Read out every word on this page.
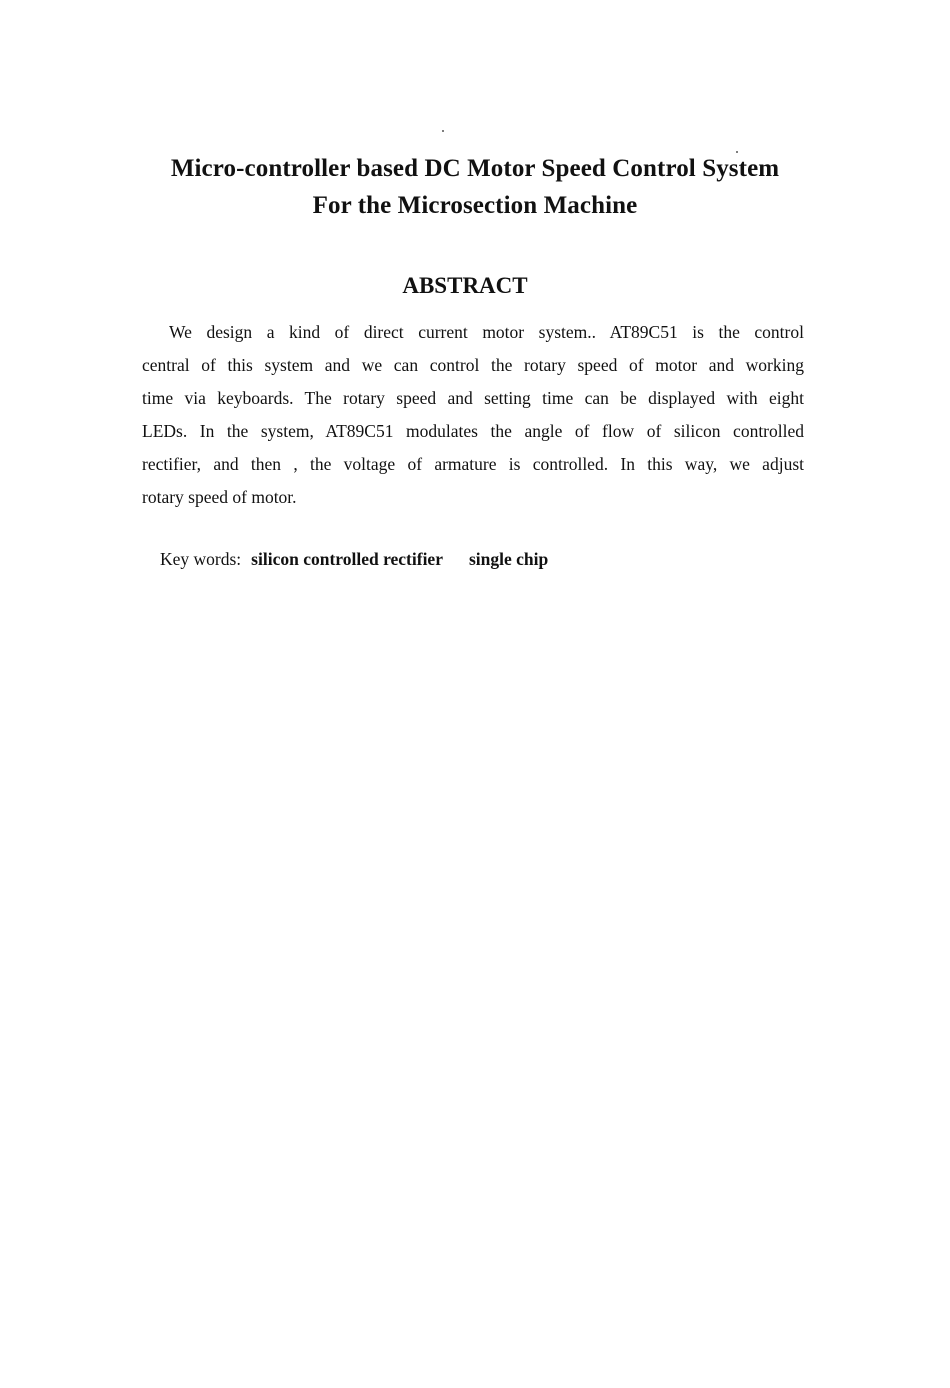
Micro-controller based DC Motor Speed Control System
For the Microsection Machine
ABSTRACT
We design a kind of direct current motor system.. AT89C51 is the control
central of this system and we can control the rotary speed of motor and working
time via keyboards. The rotary speed and setting time can be displayed with eight
LEDs. In the system, AT89C51 modulates the angle of flow of silicon controlled
rectifier, and then , the voltage of armature is controlled. In this way, we adjust
rotary speed of motor.
Key words: silicon controlled rectifier single chip
